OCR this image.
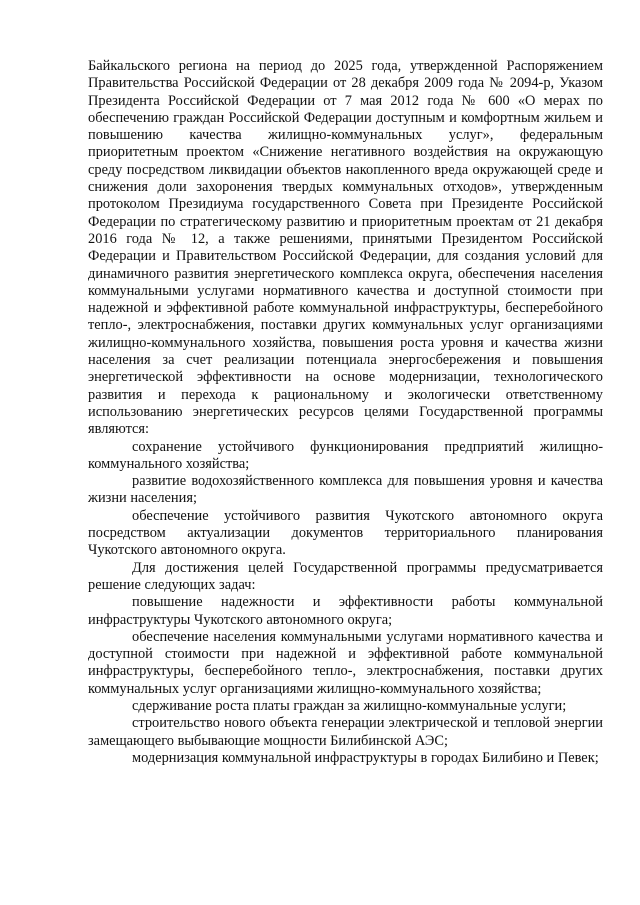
Байкальского региона на период до 2025 года, утвержденной Распоряжением Правительства Российской Федерации от 28 декабря 2009 года № 2094-р, Указом Президента Российской Федерации от 7 мая 2012 года № 600 «О мерах по обеспечению граждан Российской Федерации доступным и комфортным жильем и повышению качества жилищно-коммунальных услуг», федеральным приоритетным проектом «Снижение негативного воздействия на окружающую среду посредством ликвидации объектов накопленного вреда окружающей среде и снижения доли захоронения твердых коммунальных отходов», утвержденным протоколом Президиума государственного Совета при Президенте Российской Федерации по стратегическому развитию и приоритетным проектам от 21 декабря 2016 года № 12, а также решениями, принятыми Президентом Российской Федерации и Правительством Российской Федерации, для создания условий для динамичного развития энергетического комплекса округа, обеспечения населения коммунальными услугами нормативного качества и доступной стоимости при надежной и эффективной работе коммунальной инфраструктуры, бесперебойного тепло-, электроснабжения, поставки других коммунальных услуг организациями жилищно-коммунального хозяйства, повышения роста уровня и качества жизни населения за счет реализации потенциала энергосбережения и повышения энергетической эффективности на основе модернизации, технологического развития и перехода к рациональному и экологически ответственному использованию энергетических ресурсов целями Государственной программы являются:

сохранение устойчивого функционирования предприятий жилищно-коммунального хозяйства;

развитие водохозяйственного комплекса для повышения уровня и качества жизни населения;

обеспечение устойчивого развития Чукотского автономного округа посредством актуализации документов территориального планирования Чукотского автономного округа.

Для достижения целей Государственной программы предусматривается решение следующих задач:

повышение надежности и эффективности работы коммунальной инфраструктуры Чукотского автономного округа;

обеспечение населения коммунальными услугами нормативного качества и доступной стоимости при надежной и эффективной работе коммунальной инфраструктуры, бесперебойного тепло-, электроснабжения, поставки других коммунальных услуг организациями жилищно-коммунального хозяйства;

сдерживание роста платы граждан за жилищно-коммунальные услуги;

строительство нового объекта генерации электрической и тепловой энергии замещающего выбывающие мощности Билибинской АЭС;

модернизация коммунальной инфраструктуры в городах Билибино и Певек;
